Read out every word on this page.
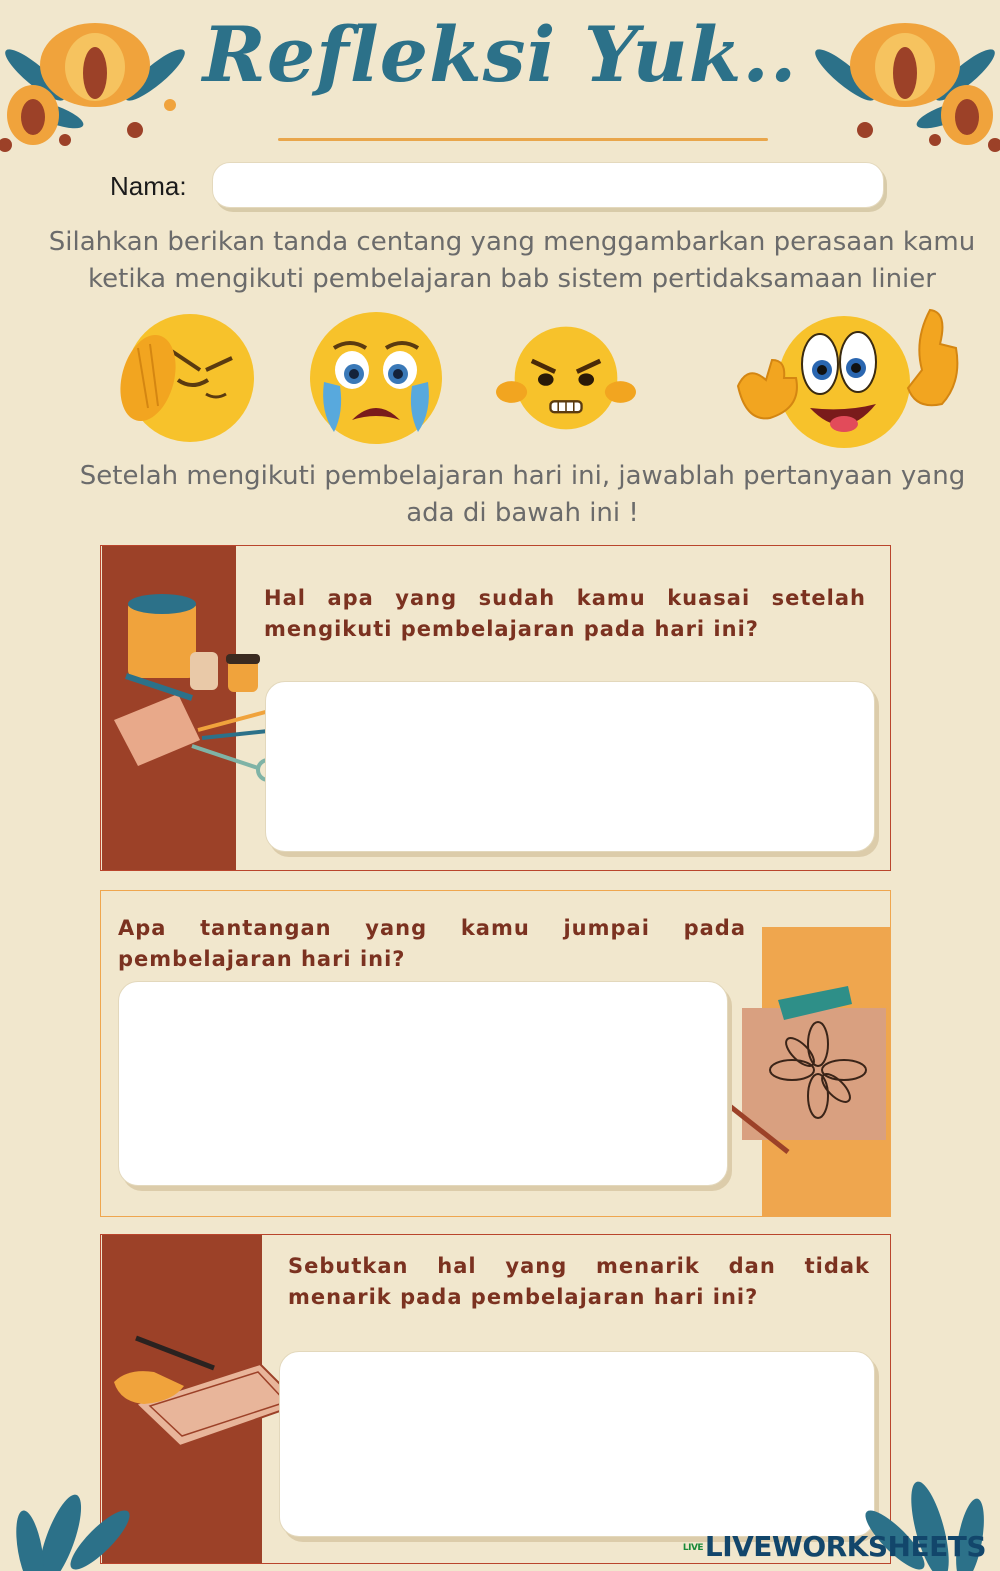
Refleksi Yuk..
Nama:
Silahkan berikan tanda centang yang menggambarkan perasaan kamu
ketika mengikuti pembelajaran bab sistem pertidaksamaan linier
Setelah mengikuti pembelajaran hari ini, jawablah pertanyaan yang
ada di bawah ini !
Hal apa yang sudah kamu kuasai setelah mengikuti pembelajaran pada hari ini?
Apa tantangan yang kamu jumpai pada pembelajaran hari ini?
Sebutkan hal yang menarik dan tidak menarik pada pembelajaran hari ini?
LIVELIVEWORKSHEETS
